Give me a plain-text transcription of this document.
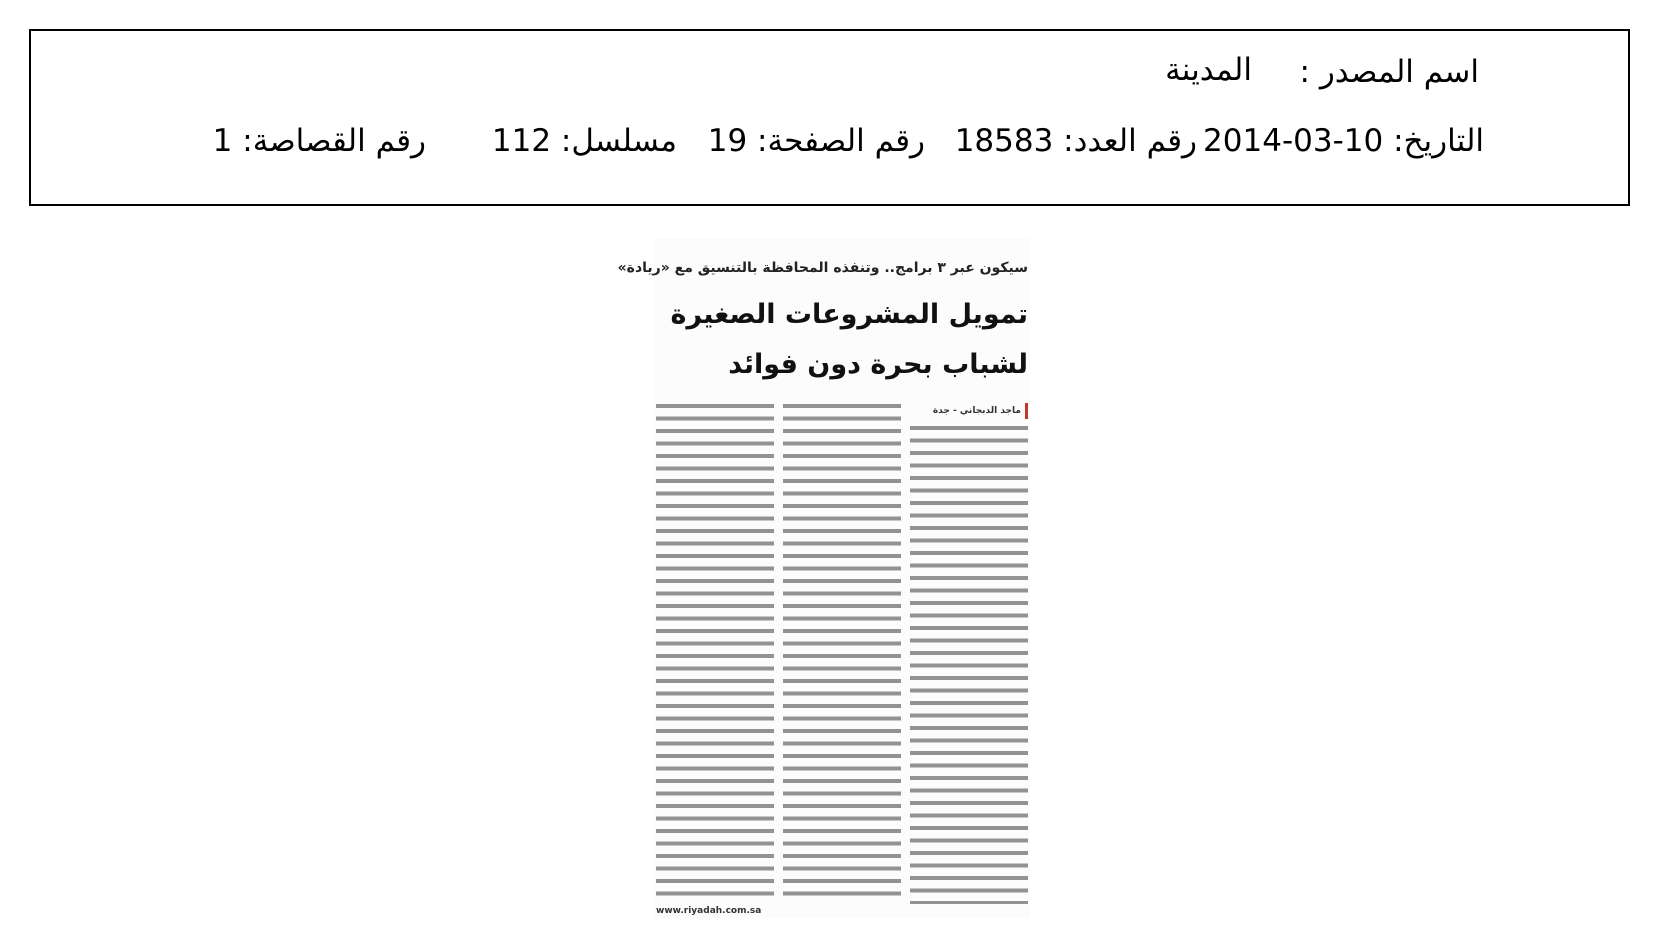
اسم المصدر :
المدينة
التاريخ: 10-03-2014
رقم العدد: 18583
رقم الصفحة: 19
مسلسل: 112
رقم القصاصة: 1
سيكون عبر ٣ برامج.. وتنفذه المحافظة بالتنسيق مع «ريادة»
تمويل المشروعات الصغيرة لشباب بحرة دون فوائد
ماجد الدبجاني - جدة
www.riyadah.com.sa
